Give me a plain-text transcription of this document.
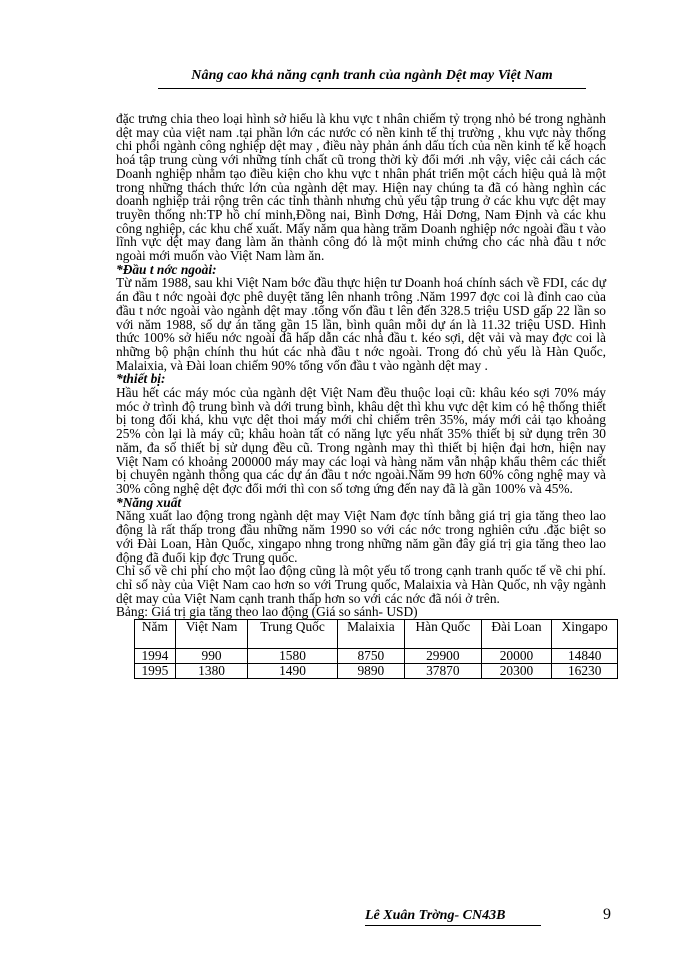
Nâng cao khả năng cạnh tranh của ngành Dệt may Việt Nam

đặc trưng chia theo loại hình sở hiểu là khu vực t nhân chiếm tỷ trọng nhỏ bé trong nghành dệt may của việt nam .tại phần lớn các nước có nền kinh tế thị trường , khu vực này thống chi phối ngành công nghiệp dệt may , điều này phản ánh dấu tích của nền kinh tế kế hoạch hoá tập trung cùng với những tính chất cũ trong thời kỳ đổi mới .nh vậy, việc cải cách các Doanh nghiệp nhằm tạo điều kiện cho khu vực t nhân phát triển một cách hiệu quả là một trong những thách thức lớn của ngành dệt may. Hiện nay chúng ta đã có hàng nghìn các doanh nghiệp trải rộng trên các tỉnh thành nhưng chủ yếu tập trung ở các khu vực dệt may truyền thống nh:TP hồ chí minh,Đồng nai, Bình Dơng, Hải Dơng, Nam Định và các khu công nghiệp, các khu chế xuất. Mấy năm qua hàng trăm Doanh nghiệp nớc ngoài đầu t vào lĩnh vực dệt may đang làm ăn thành công đó là một minh chứng cho các nhà đầu t nớc ngoài mới muốn vào Việt Nam làm ăn.

*Đầu t nớc ngoài:

Từ năm 1988, sau khi Việt Nam bớc đầu thực hiện tư Doanh hoá chính sách về FDI, các dự án đầu t nớc ngoài đợc phê duyệt tăng lên nhanh trông .Năm 1997 đợc coi là đỉnh cao của đầu t nớc ngoài vào ngành dệt may .tổng vốn đầu t lên đến 328.5 triệu USD gấp 22 lần so với năm 1988, số dự án tăng gần 15 lần, bình quân mỗi dự án là 11.32 triệu USD. Hình thức 100% sở hiểu nớc ngoài đã hấp dẫn các nhà đầu t. kéo sợi, dệt vải và may đợc coi là những bộ phận chính thu hút các nhà đầu t nớc ngoài. Trong đó chủ yếu là Hàn Quốc, Malaixia, và Đài loan chiếm 90% tổng vốn đầu t vào ngành dệt may .

*thiết bị:

Hầu hết các máy móc của ngành dệt Việt Nam đều thuộc loại cũ: khâu kéo sợi 70% máy móc ở trình độ trung bình và dới trung bình, khâu dệt thì khu vực dệt kim có hệ thống thiết bị tong đối khá, khu vực dệt thoi máy mới chỉ chiếm trên 35%, máy mới cải tạo khoảng 25% còn lại là máy cũ; khâu hoàn tất có năng lực yếu nhất 35% thiết bị sử dụng trên 30 năm, đa số thiết bị sử dụng đều cũ. Trong ngành may thì thiết bị hiện đại hơn, hiện nay Việt Nam có khoảng 200000 máy may các loại và hàng năm vẫn nhập khẩu thêm các thiết bị chuyên ngành thông qua các dự án đầu t nớc ngoài.Năm 99 hơn 60% công nghệ may và 30% công nghệ dệt đợc đổi mới thì con số tơng ứng đến nay đã là gần 100% và 45%.

*Năng xuất

Năng xuất lao động trong ngành dệt may Việt Nam đợc tính bằng giá trị gia tăng theo lao động là rất thấp trong đầu những năm 1990 so với các nớc trong nghiên cứu .đặc biệt so với Đài Loan, Hàn Quốc, xingapo nhng trong những năm gần đây giá trị gia tăng theo lao động đã đuổi kịp đợc Trung quốc.

Chỉ số về chi phí cho một lao động cũng là một yếu tố trong cạnh tranh quốc tế về chi phí. chỉ số này của Việt Nam cao hơn so với Trung quốc, Malaixia và Hàn Quốc, nh vậy ngành dệt may của Việt Nam cạnh tranh thấp hơn so với các nớc đã nói ở trên.

Bảng: Giá trị gia tăng theo lao động (Giá so sánh- USD)

Năm	Việt Nam	Trung Quốc	Malaixia	Hàn Quốc	Đài Loan	Xingapo
1994	990	1580	8750	29900	20000	14840
1995	1380	1490	9890	37870	20300	16230
Lê Xuân Trờng- CN43B	9
